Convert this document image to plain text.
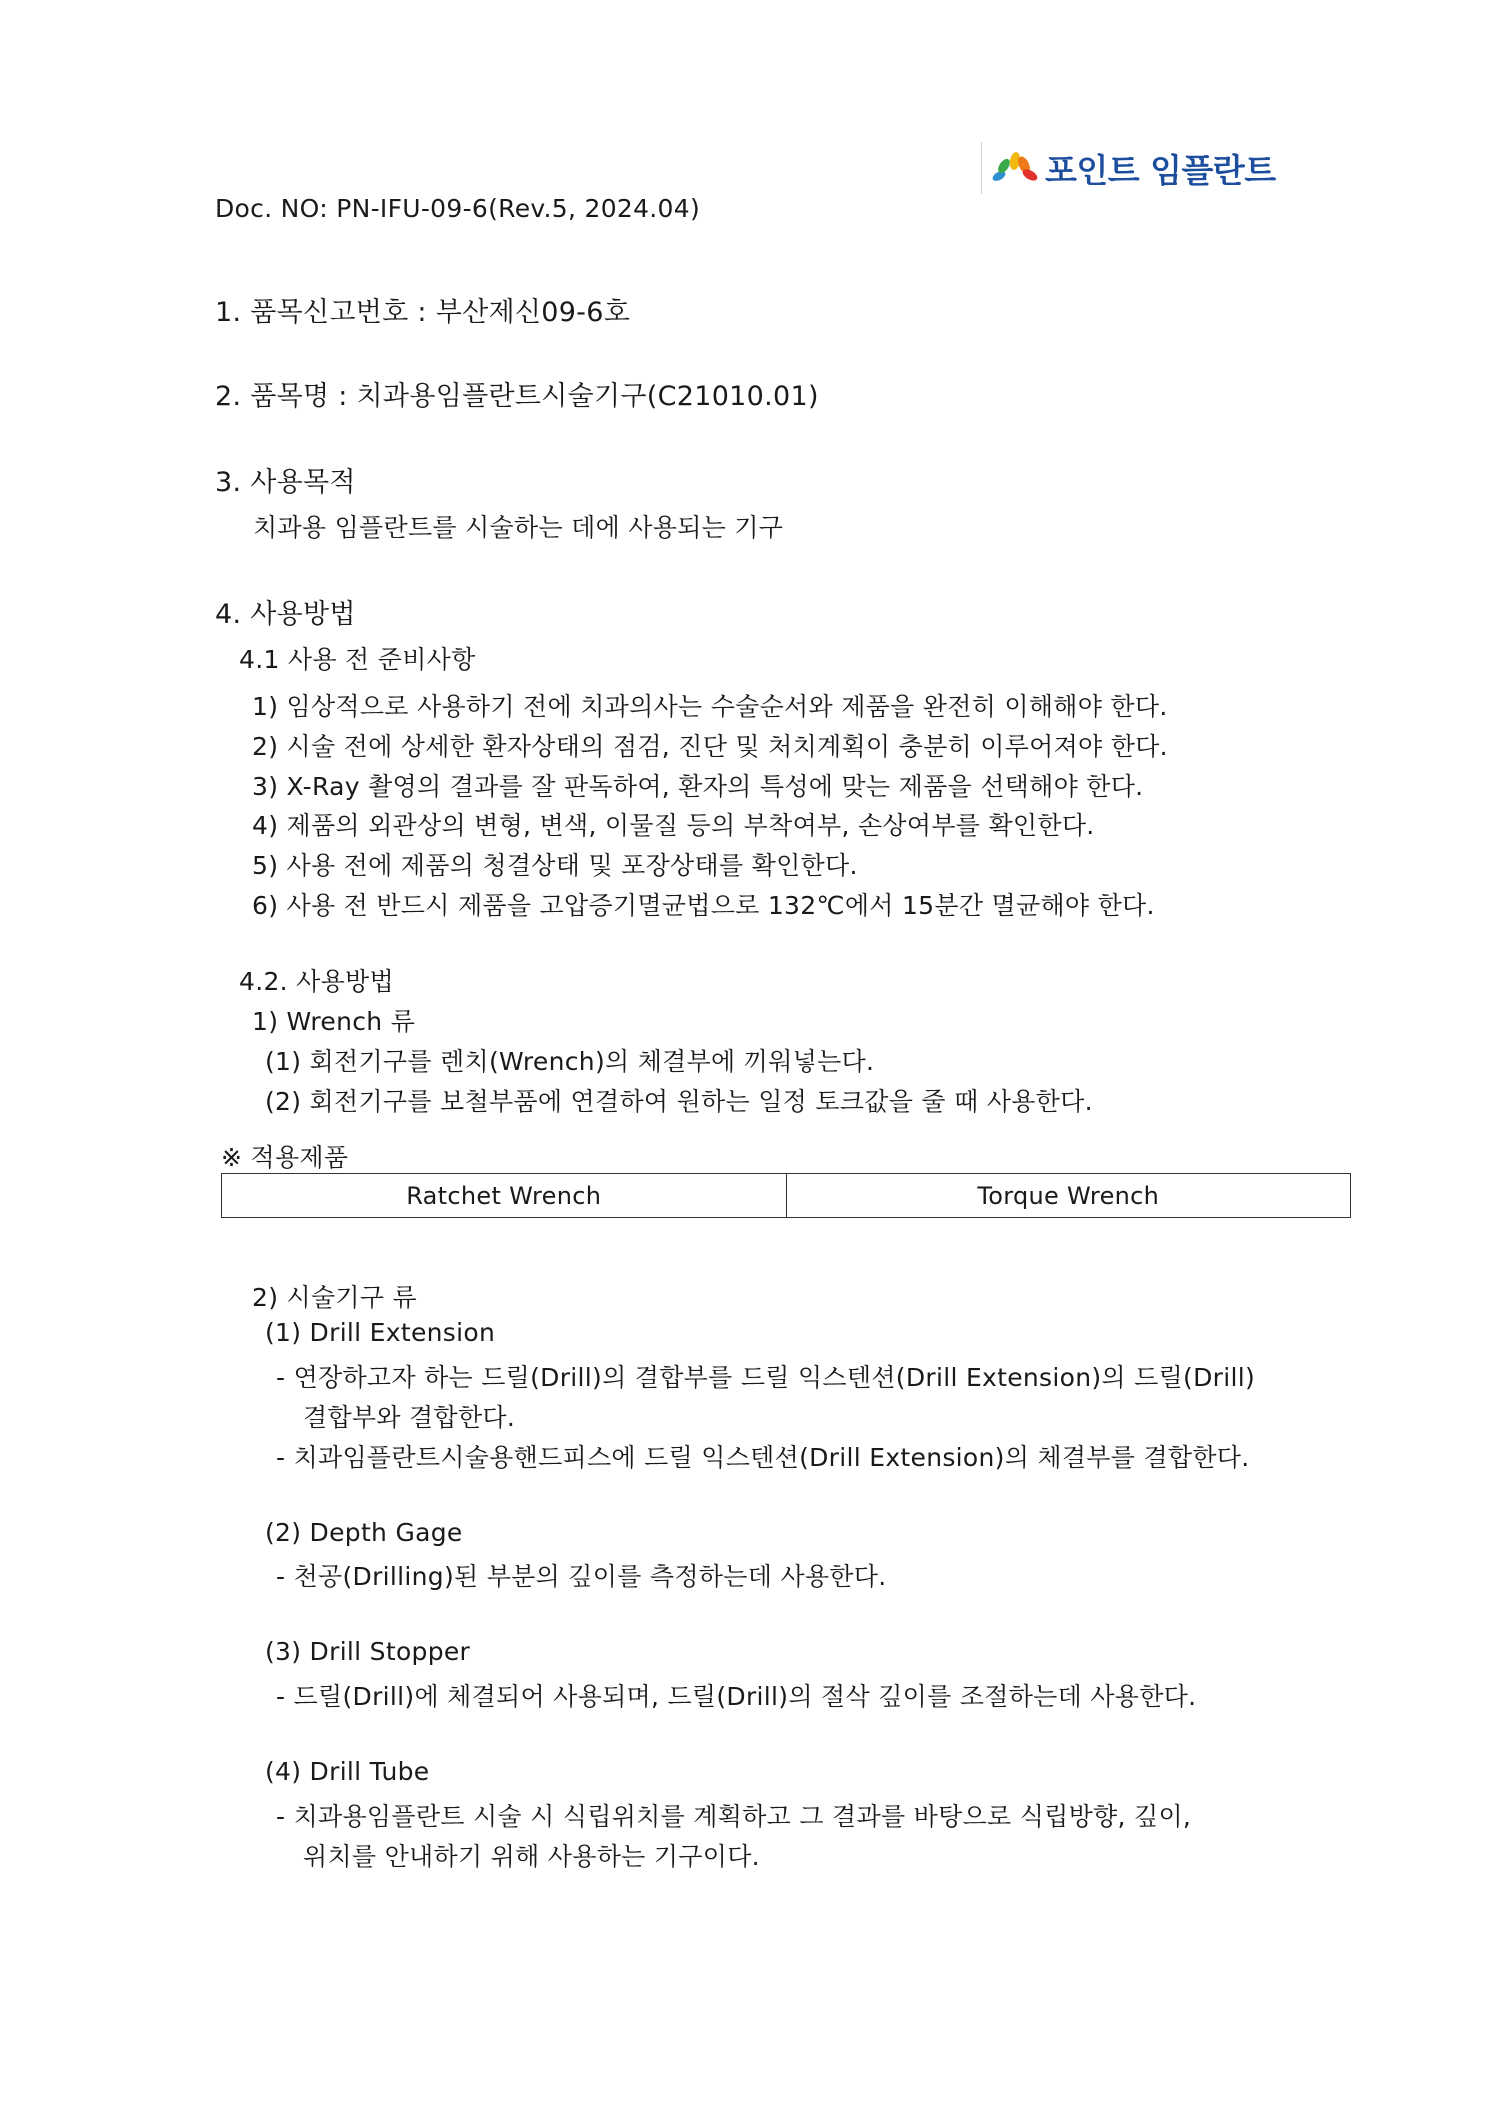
포인트 임플란트
Doc. NO: PN-IFU-09-6(Rev.5, 2024.04)
1. 품목신고번호 : 부산제신09-6호
2. 품목명 : 치과용임플란트시술기구(C21010.01)
3. 사용목적
치과용 임플란트를 시술하는 데에 사용되는 기구
4. 사용방법
4.1 사용 전 준비사항
1) 임상적으로 사용하기 전에 치과의사는 수술순서와 제품을 완전히 이해해야 한다.
2) 시술 전에 상세한 환자상태의 점검, 진단 및 처치계획이 충분히 이루어져야 한다.
3) X-Ray 촬영의 결과를 잘 판독하여, 환자의 특성에 맞는 제품을 선택해야 한다.
4) 제품의 외관상의 변형, 변색, 이물질 등의 부착여부, 손상여부를 확인한다.
5) 사용 전에 제품의 청결상태 및 포장상태를 확인한다.
6) 사용 전 반드시 제품을 고압증기멸균법으로 132℃에서 15분간 멸균해야 한다.
4.2. 사용방법
1) Wrench 류
(1) 회전기구를 렌치(Wrench)의 체결부에 끼워넣는다.
(2) 회전기구를 보철부품에 연결하여 원하는 일정 토크값을 줄 때 사용한다.
※ 적용제품
Ratchet Wrench	Torque Wrench
2) 시술기구 류
(1) Drill Extension
- 연장하고자 하는 드릴(Drill)의 결합부를 드릴 익스텐션(Drill Extension)의 드릴(Drill)
결합부와 결합한다.
- 치과임플란트시술용핸드피스에 드릴 익스텐션(Drill Extension)의 체결부를 결합한다.
(2) Depth Gage
- 천공(Drilling)된 부분의 깊이를 측정하는데 사용한다.
(3) Drill Stopper
- 드릴(Drill)에 체결되어 사용되며, 드릴(Drill)의 절삭 깊이를 조절하는데 사용한다.
(4) Drill Tube
- 치과용임플란트 시술 시 식립위치를 계획하고 그 결과를 바탕으로 식립방향, 깊이,
위치를 안내하기 위해 사용하는 기구이다.
